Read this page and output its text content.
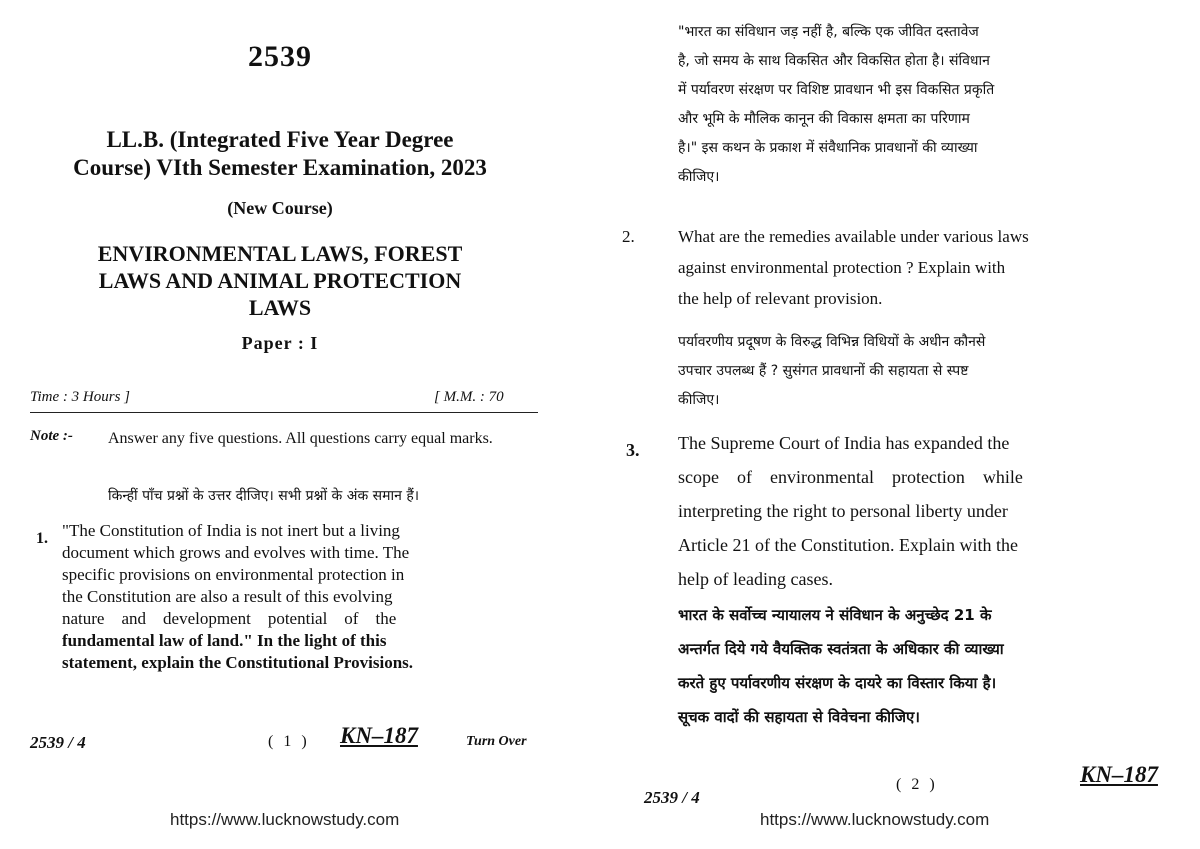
2539
LL.B. (Integrated Five Year Degree
Course) VIth Semester Examination, 2023
(New Course)
ENVIRONMENTAL LAWS, FOREST
LAWS AND ANIMAL PROTECTION
LAWS
Paper : I
Time : 3 Hours ]	[ M.M. : 70
Note :- Answer any five questions. All questions carry equal marks.
किन्हीं पाँच प्रश्नों के उत्तर दीजिए। सभी प्रश्नों के अंक समान हैं।
1. "The Constitution of India is not inert but a living
document which grows and evolves with time. The
specific provisions on environmental protection in
the Constitution are also a result of this evolving
nature    and    development    potential    of    the
fundamental law of land." In the light of this
statement, explain the Constitutional Provisions.
2539 / 4	( 1 ) KN–187	Turn Over
https://www.lucknowstudy.com
"भारत का संविधान जड़ नहीं है, बल्कि एक जीवित दस्तावेज
है, जो समय के साथ विकसित और विकसित होता है। संविधान
में पर्यावरण संरक्षण पर विशिष्ट प्रावधान भी इस विकसित प्रकृति
और भूमि के मौलिक कानून की विकास क्षमता का परिणाम
है।" इस कथन के प्रकाश में संवैधानिक प्रावधानों की व्याख्या
कीजिए।
2.	What are the remedies available under various laws
against environmental protection ? Explain with
the help of relevant provision.
पर्यावरणीय प्रदूषण के विरुद्ध विभिन्न विधियों के अधीन कौनसे
उपचार उपलब्ध हैं ? सुसंगत प्रावधानों की सहायता से स्पष्ट
कीजिए।
3. The Supreme Court of India has expanded the
scope    of    environmental    protection    while
interpreting the right to personal liberty under
Article 21 of the Constitution. Explain with the
help of leading cases.
भारत के सर्वोच्च न्यायालय ने संविधान के अनुच्छेद 21 के
अन्तर्गत दिये गये वैयक्तिक स्वतंत्रता के अधिकार की व्याख्या
करते हुए पर्यावरणीय संरक्षण के दायरे का विस्तार किया है।
सूचक वादों की सहायता से विवेचना कीजिए।
2539 / 4
( 2 )	KN–187
https://www.lucknowstudy.com
